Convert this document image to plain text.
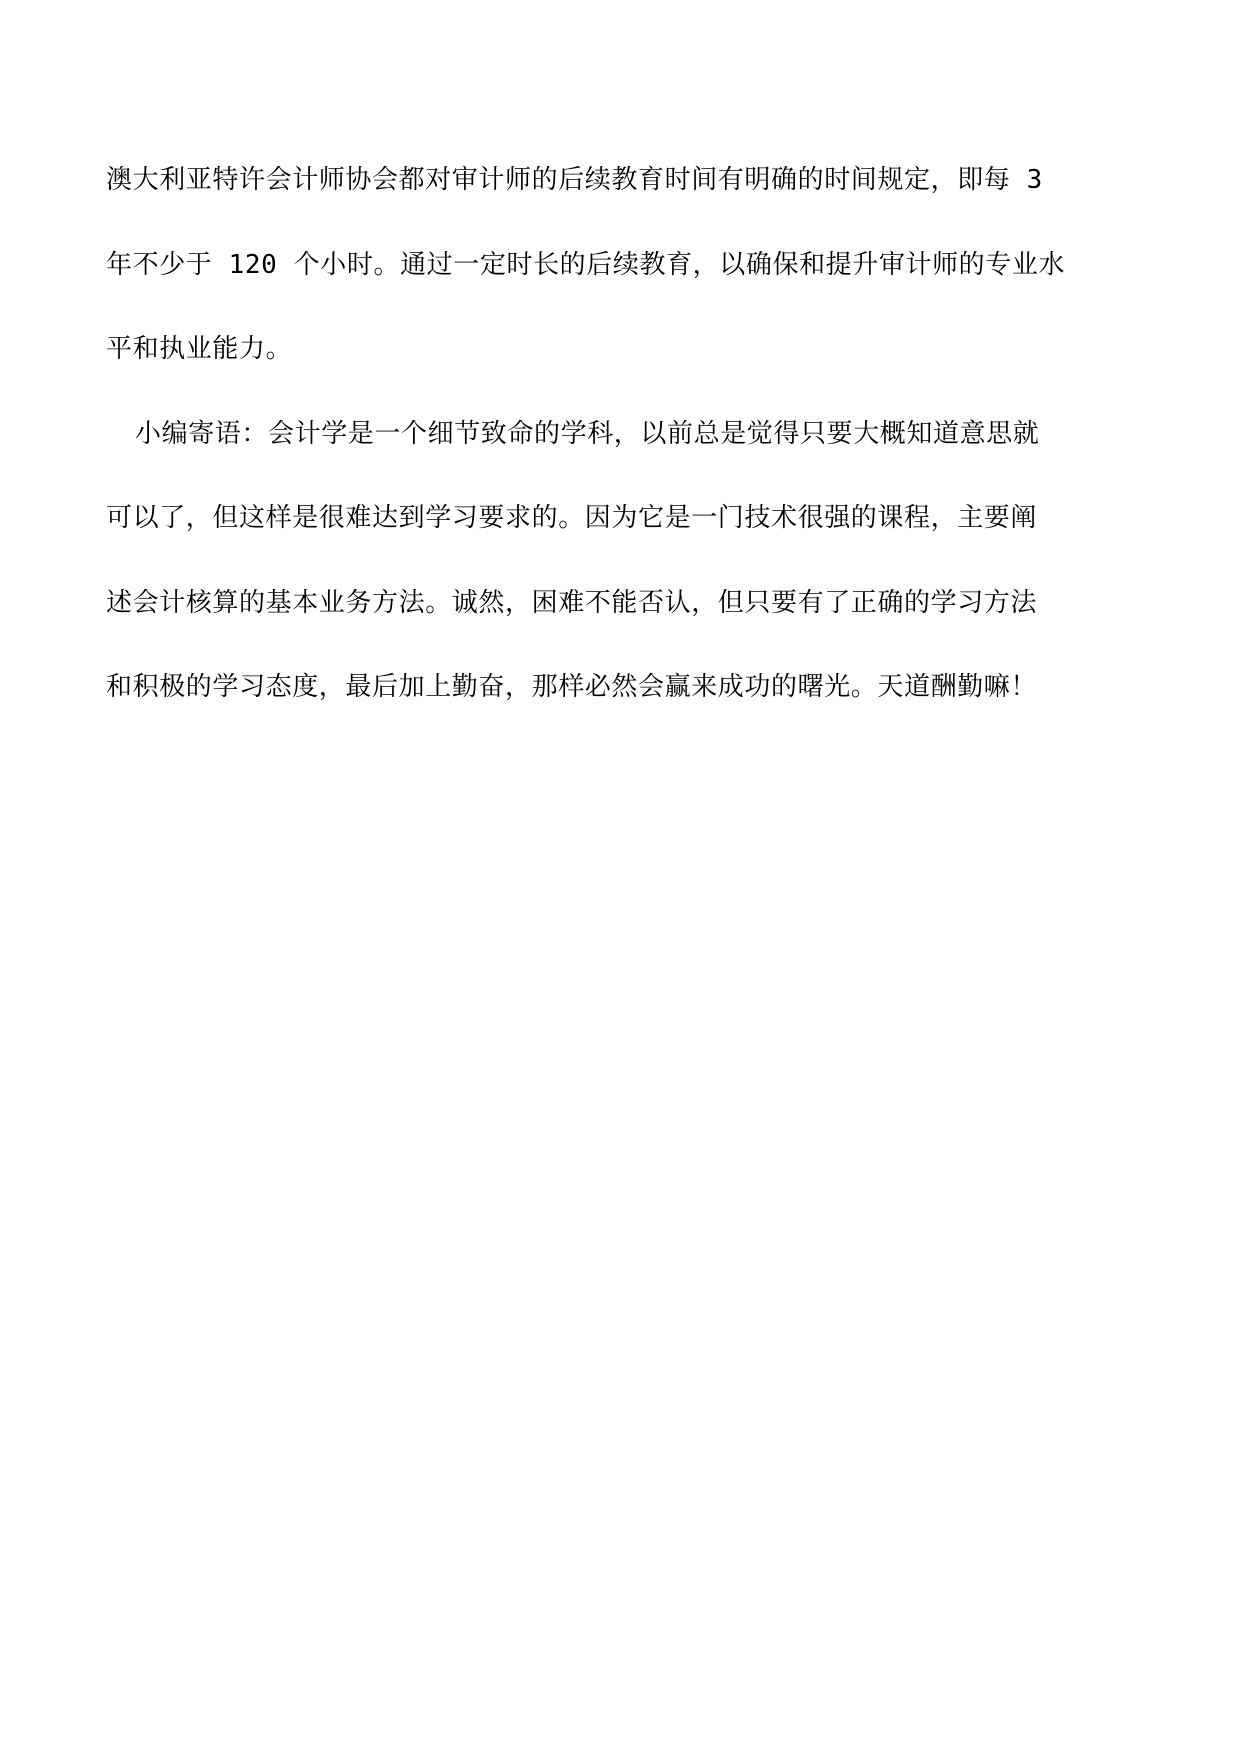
澳大利亚特许会计师协会都对审计师的后续教育时间有明确的时间规定，即每 3
年不少于 120 个小时。通过一定时长的后续教育，以确保和提升审计师的专业水
平和执业能力。
小编寄语：会计学是一个细节致命的学科，以前总是觉得只要大概知道意思就
可以了，但这样是很难达到学习要求的。因为它是一门技术很强的课程，主要阐
述会计核算的基本业务方法。诚然，困难不能否认，但只要有了正确的学习方法
和积极的学习态度，最后加上勤奋，那样必然会赢来成功的曙光。天道酬勤嘛！
